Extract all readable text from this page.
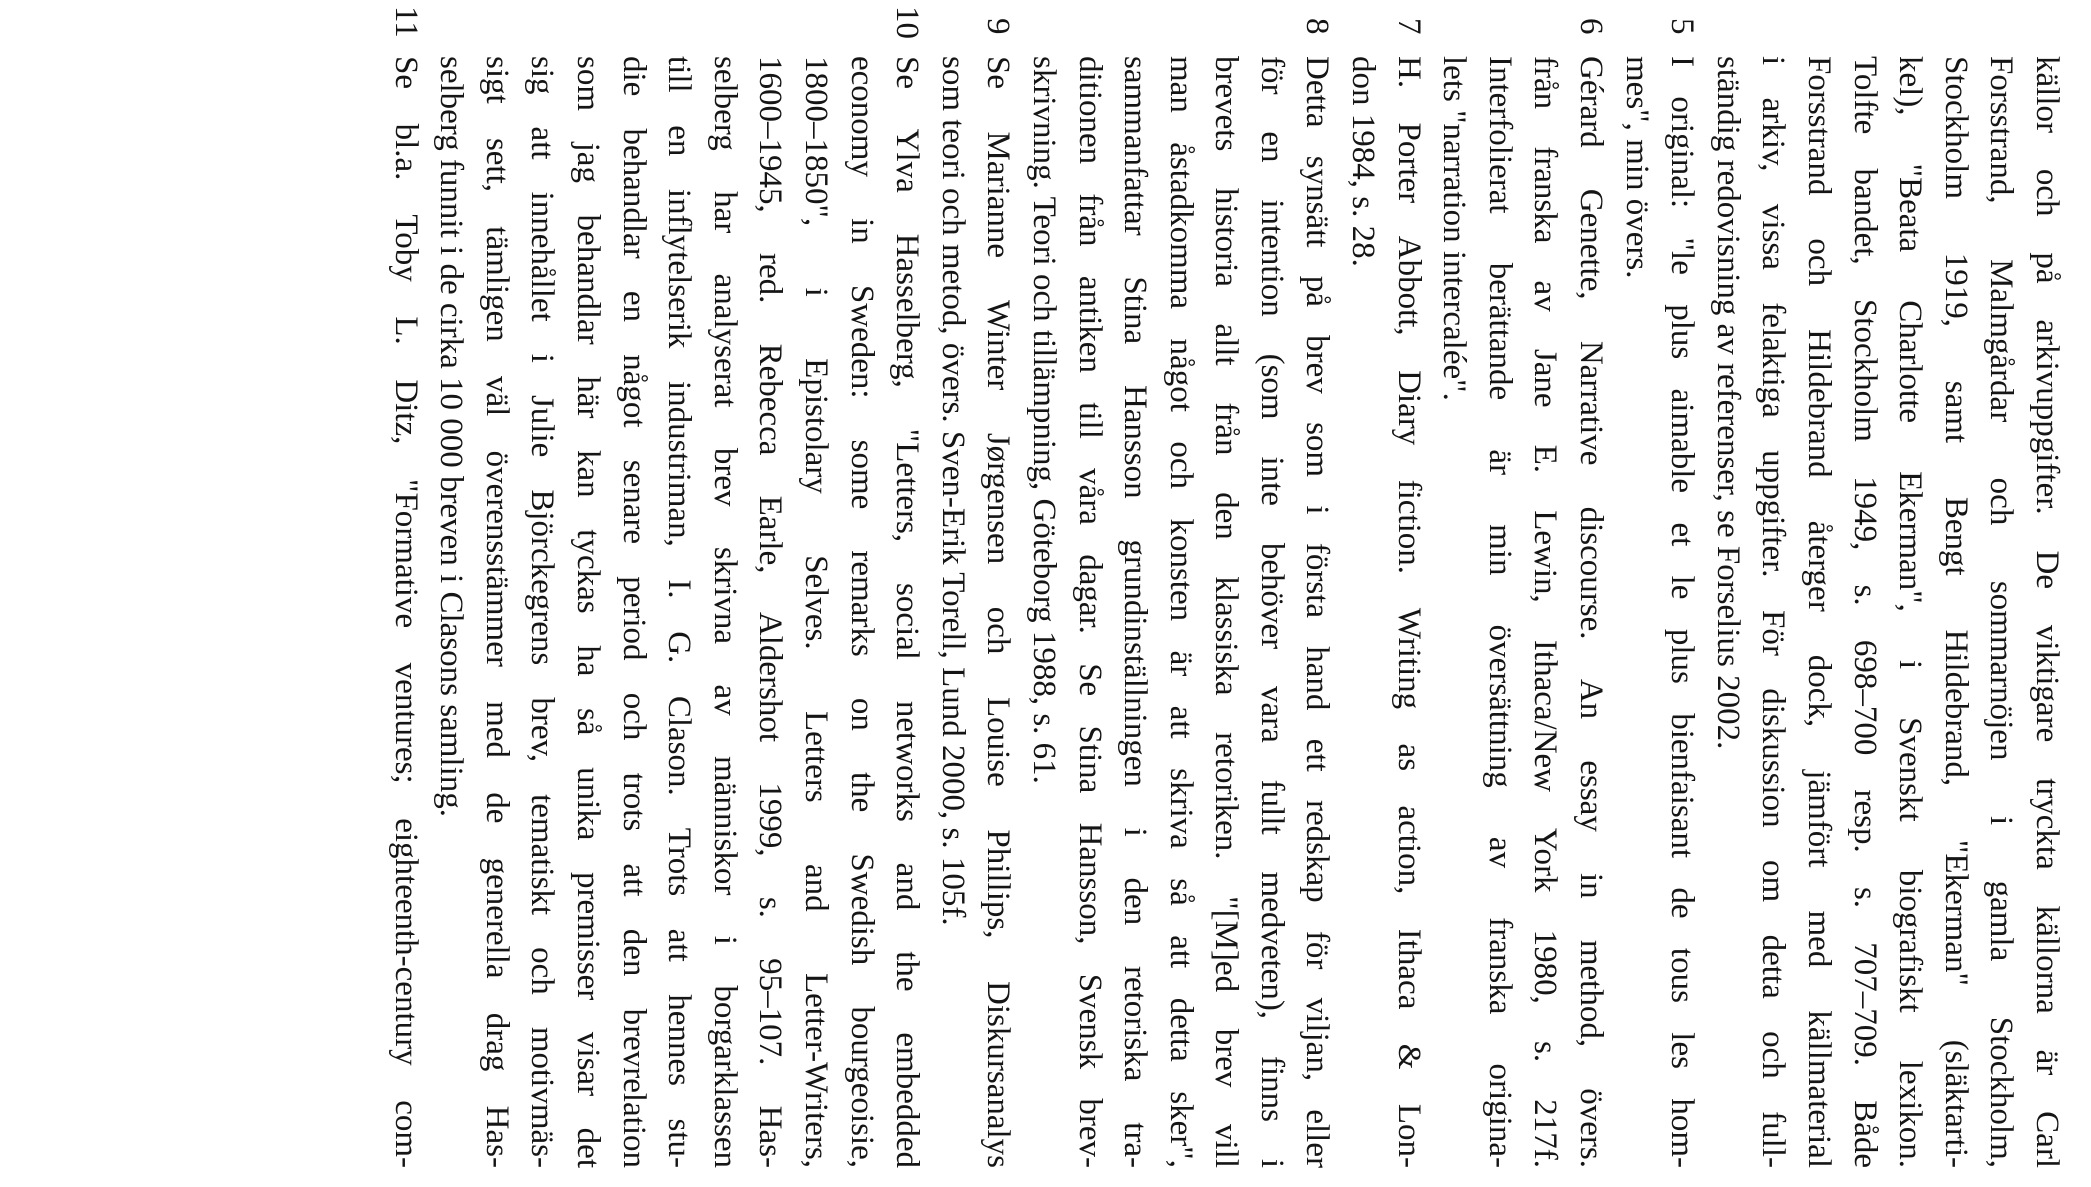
källor och på arkivuppgifter. De viktigare tryckta källorna är Carl
Forsstrand, Malmgårdar och sommarnöjen i gamla Stockholm,
Stockholm 1919, samt Bengt Hildebrand, "Ekerman" (släktarti-
kel), "Beata Charlotte Ekerman", i Svenskt biografiskt lexikon.
Tolfte bandet, Stockholm 1949, s. 698–700 resp. s. 707–709. Både
Forsstrand och Hildebrand återger dock, jämfört med källmaterial
i arkiv, vissa felaktiga uppgifter. För diskussion om detta och full-
ständig redovisning av referenser, se Forselius 2002.
5I original: "le plus aimable et le plus bienfaisant de tous les hom-
mes", min övers.
6Gérard Genette, Narrative discourse. An essay in method, övers.
från franska av Jane E. Lewin, Ithaca/New York 1980, s. 217f.
Interfolierat berättande är min översättning av franska origina-
lets "narration intercalée".
7H. Porter Abbott, Diary fiction. Writing as action, Ithaca & Lon-
don 1984, s. 28.
8Detta synsätt på brev som i första hand ett redskap för viljan, eller
för en intention (som inte behöver vara fullt medveten), finns i
brevets historia allt från den klassiska retoriken. "[M]ed brev vill
man åstadkomma något och konsten är att skriva så att detta sker",
sammanfattar Stina Hansson grundinställningen i den retoriska tra-
ditionen från antiken till våra dagar. Se Stina Hansson, Svensk brev-
skrivning. Teori och tillämpning, Göteborg 1988, s. 61.
9Se Marianne Winter Jørgensen och Louise Phillips, Diskursanalys
som teori och metod, övers. Sven-Erik Torell, Lund 2000, s. 105f.
10Se Ylva Hasselberg, "Letters, social networks and the embedded
economy in Sweden: some remarks on the Swedish bourgeoisie,
1800–1850", i Epistolary Selves. Letters and Letter-Writers,
1600–1945, red. Rebecca Earle, Aldershot 1999, s. 95–107. Has-
selberg har analyserat brev skrivna av människor i borgarklassen
till en inflytelserik industriman, I. G. Clason. Trots att hennes stu-
die behandlar en något senare period och trots att den brevrelation
som jag behandlar här kan tyckas ha så unika premisser visar det
sig att innehållet i Julie Björckegrens brev, tematiskt och motivmäs-
sigt sett, tämligen väl överensstämmer med de generella drag Has-
selberg funnit i de cirka 10 000 breven i Clasons samling.
11Se bl.a. Toby L. Ditz, "Formative ventures; eighteenth-century com-
